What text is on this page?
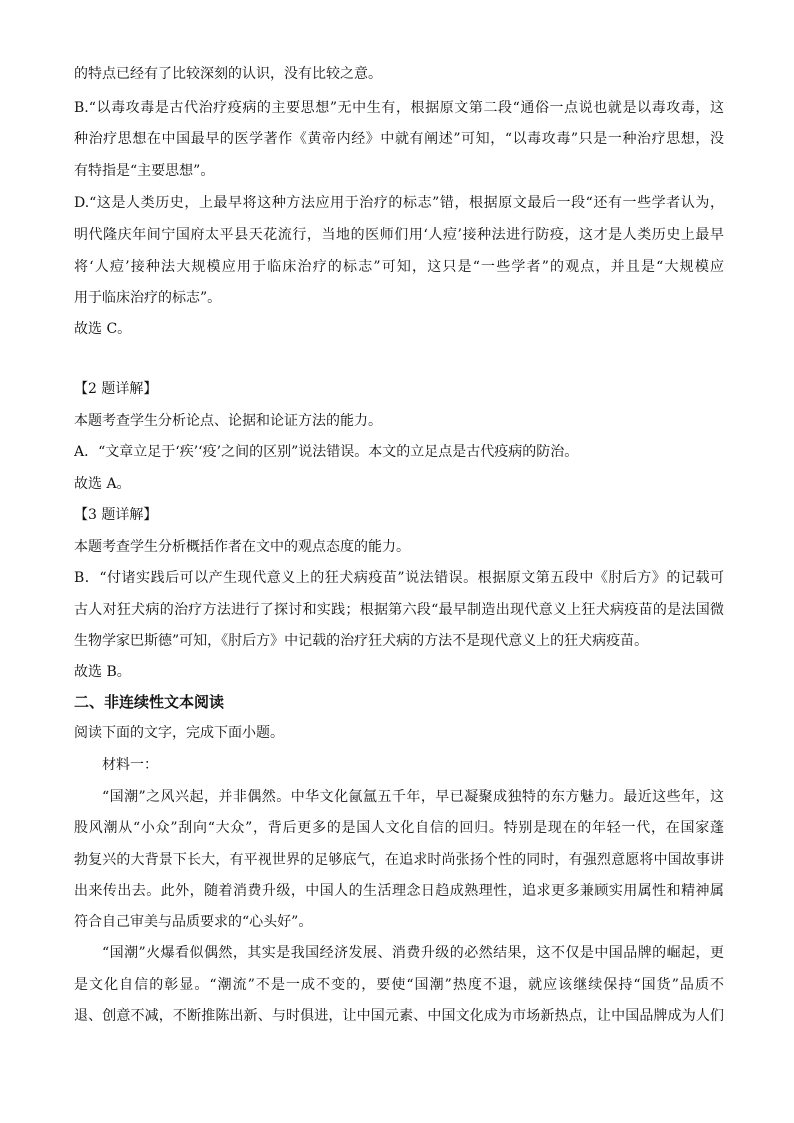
的特点已经有了比较深刻的认识，没有比较之意。
B.“以毒攻毒是古代治疗疫病的主要思想”无中生有，根据原文第二段“通俗一点说也就是以毒攻毒，这
种治疗思想在中国最早的医学著作《黄帝内经》中就有阐述”可知，“以毒攻毒”只是一种治疗思想，没
有特指是“主要思想”。
D.“这是人类历史，上最早将这种方法应用于治疗的标志”错，根据原文最后一段“还有一些学者认为，
明代隆庆年间宁国府太平县天花流行，当地的医师们用‘人痘’接种法进行防疫，这才是人类历史上最早
将‘人痘’接种法大规模应用于临床治疗的标志”可知，这只是“一些学者”的观点，并且是“大规模应
用于临床治疗的标志”。
故选 C。
【2 题详解】
本题考查学生分析论点、论据和论证方法的能力。
A．“文章立足于‘疾’‘疫’之间的区别”说法错误。本文的立足点是古代疫病的防治。
故选 A。
【3 题详解】
本题考查学生分析概括作者在文中的观点态度的能力。
B．“付诸实践后可以产生现代意义上的狂犬病疫苗”说法错误。根据原文第五段中《肘后方》的记载可
古人对狂犬病的治疗方法进行了探讨和实践；根据第六段“最早制造出现代意义上狂犬病疫苗的是法国微
生物学家巴斯德”可知，《肘后方》中记载的治疗狂犬病的方法不是现代意义上的狂犬病疫苗。
故选 B。
二、非连续性文本阅读
阅读下面的文字，完成下面小题。
材料一：
“国潮”之风兴起，并非偶然。中华文化氤氲五千年，早已凝聚成独特的东方魅力。最近这些年，这
股风潮从“小众”刮向“大众”，背后更多的是国人文化自信的回归。特别是现在的年轻一代，在国家蓬
勃复兴的大背景下长大，有平视世界的足够底气，在追求时尚张扬个性的同时，有强烈意愿将中国故事讲
出来传出去。此外，随着消费升级，中国人的生活理念日趋成熟理性，追求更多兼顾实用属性和精神属
符合自己审美与品质要求的“心头好”。
“国潮”火爆看似偶然，其实是我国经济发展、消费升级的必然结果，这不仅是中国品牌的崛起，更
是文化自信的彰显。“潮流”不是一成不变的，要使“国潮”热度不退，就应该继续保持“国货”品质不
退、创意不减，不断推陈出新、与时俱进，让中国元素、中国文化成为市场新热点，让中国品牌成为人们
